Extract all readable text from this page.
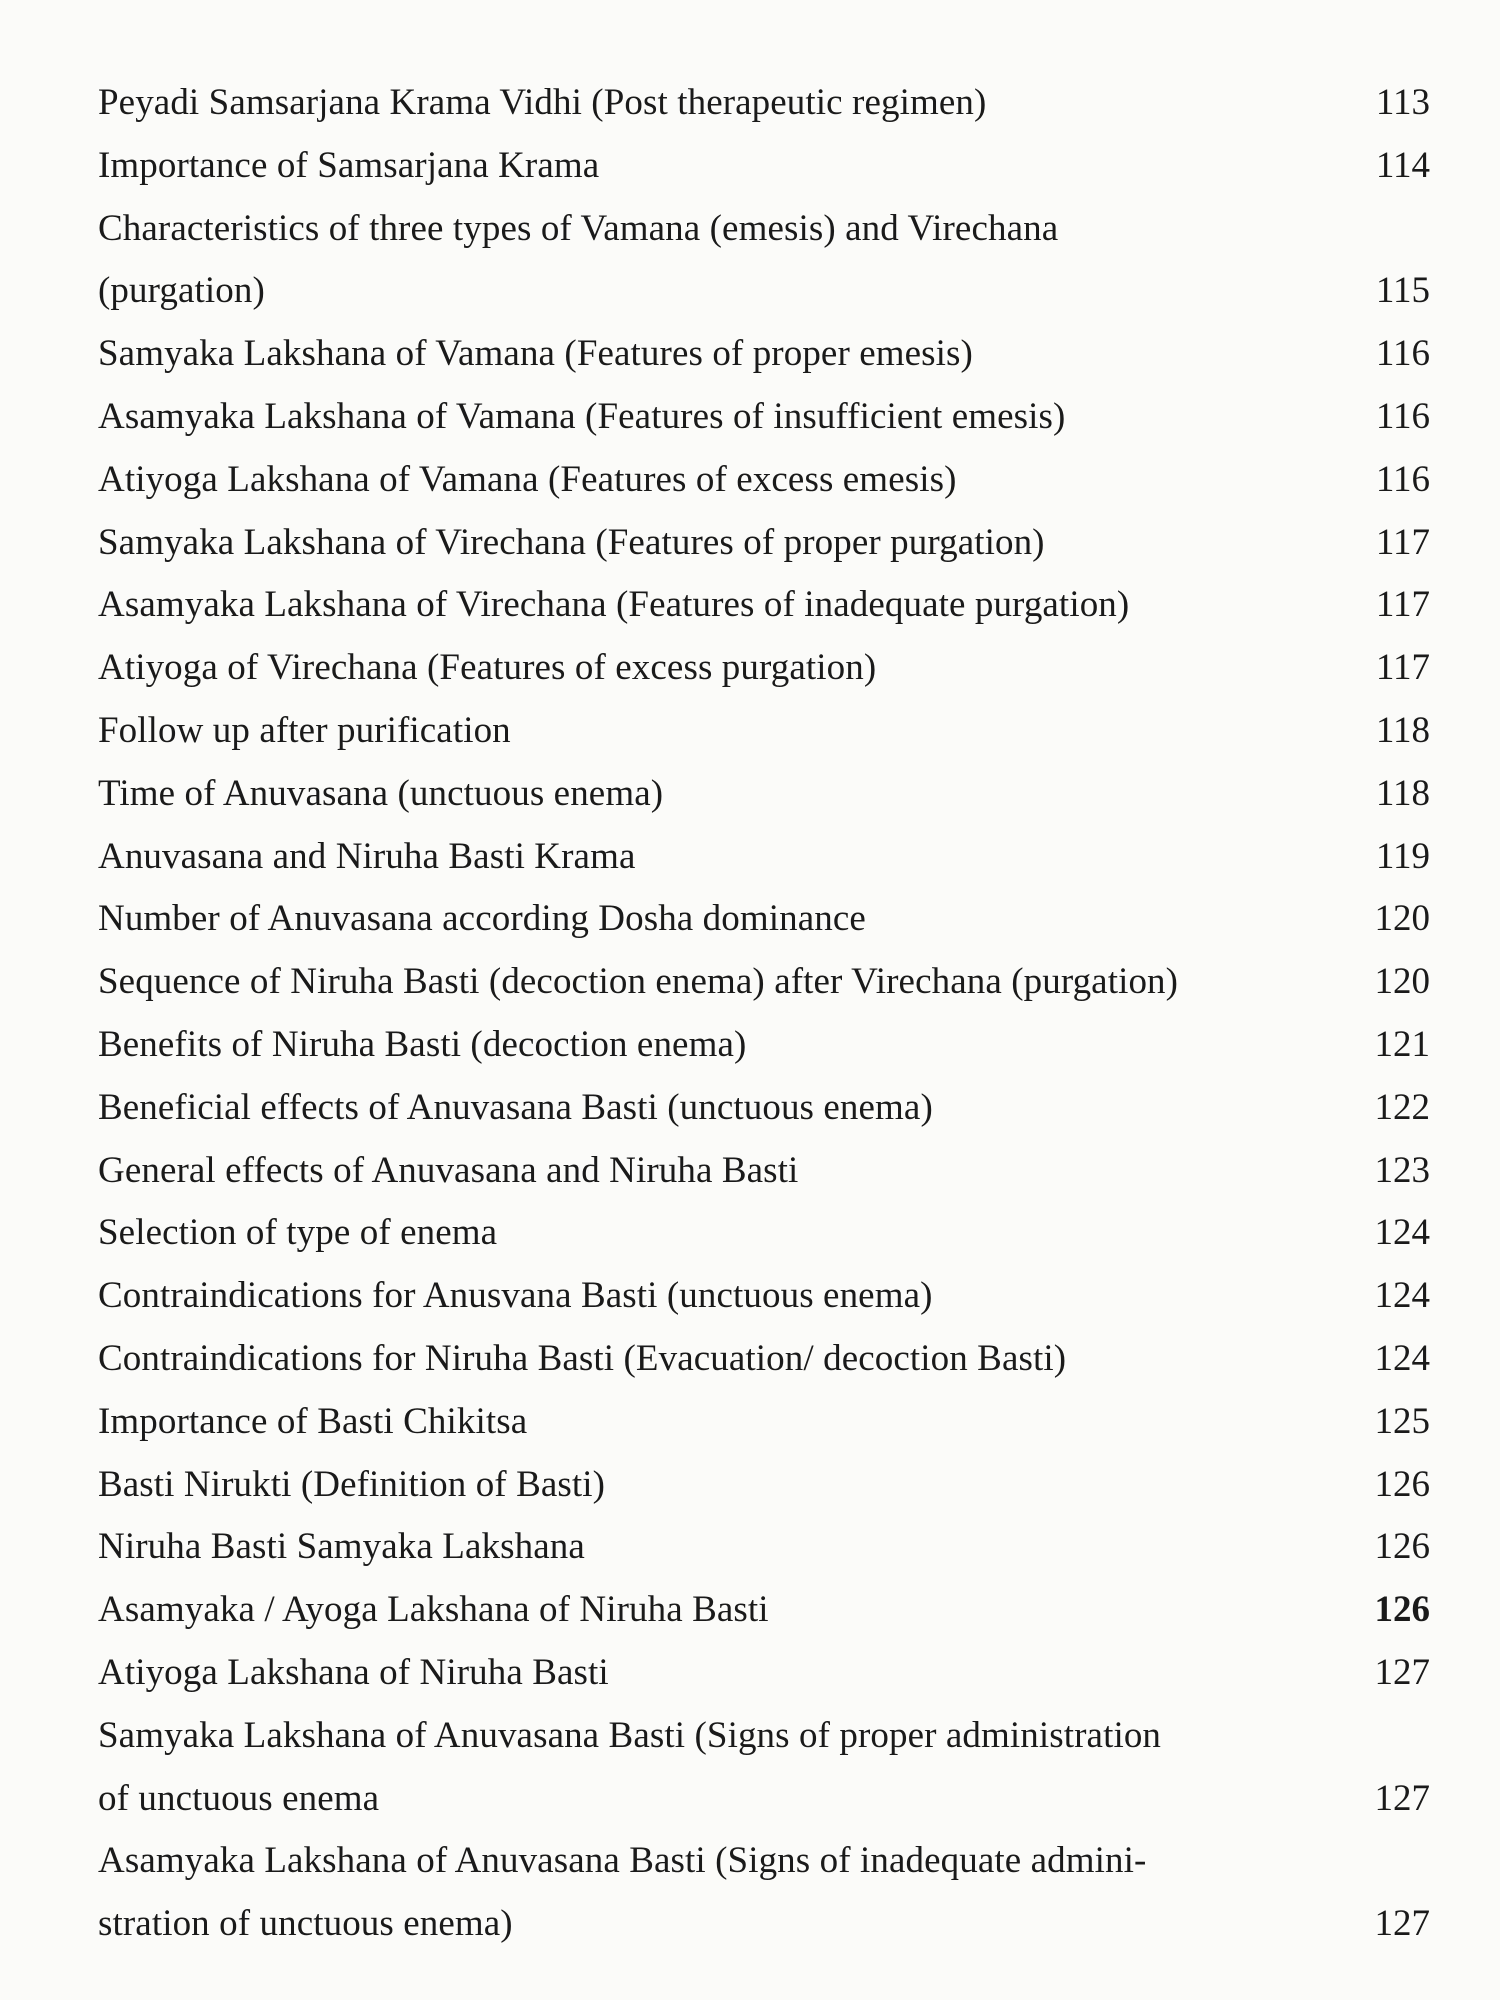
Peyadi Samsarjana Krama Vidhi (Post therapeutic regimen)	113
Importance of Samsarjana Krama	114
Characteristics of three types of Vamana (emesis) and Virechana
(purgation)	115
Samyaka Lakshana of Vamana (Features of proper emesis)	116
Asamyaka Lakshana of Vamana (Features of insufficient emesis)	116
Atiyoga Lakshana of Vamana (Features of excess emesis)	116
Samyaka Lakshana of Virechana (Features of proper purgation)	117
Asamyaka Lakshana of Virechana (Features of inadequate purgation)	117
Atiyoga of Virechana (Features of excess purgation)	117
Follow up after purification	118
Time of Anuvasana (unctuous enema)	118
Anuvasana and Niruha Basti Krama	119
Number of Anuvasana according Dosha dominance	120
Sequence of Niruha Basti (decoction enema) after Virechana (purgation)	120
Benefits of Niruha Basti (decoction enema)	121
Beneficial effects of Anuvasana Basti (unctuous enema)	122
General effects of Anuvasana and Niruha Basti	123
Selection of type of enema	124
Contraindications for Anusvana Basti (unctuous enema)	124
Contraindications for Niruha Basti (Evacuation/ decoction Basti)	124
Importance of Basti Chikitsa	125
Basti Nirukti (Definition of Basti)	126
Niruha Basti Samyaka Lakshana	126
Asamyaka / Ayoga Lakshana of Niruha Basti	126
Atiyoga Lakshana of Niruha Basti	127
Samyaka Lakshana of Anuvasana Basti (Signs of proper administration
of unctuous enema	127
Asamyaka Lakshana of Anuvasana Basti (Signs of inadequate admini-
stration of unctuous enema)	127
